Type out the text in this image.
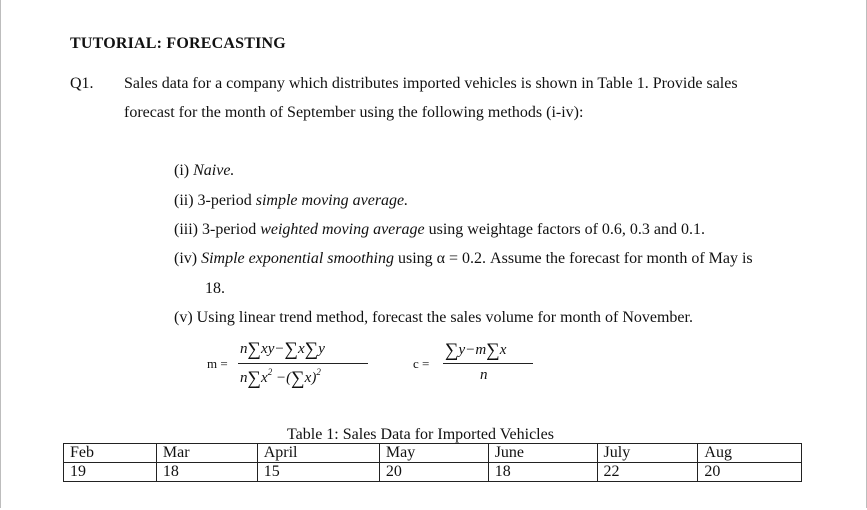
TUTORIAL: FORECASTING
Q1. Sales data for a company which distributes imported vehicles is shown in Table 1. Provide sales
forecast for the month of September using the following methods (i-iv):
(i) Naive.
(ii) 3-period simple moving average.
(iii) 3-period weighted moving average using weightage factors of 0.6, 0.3 and 0.1.
(iv) Simple exponential smoothing using α = 0.2. Assume the forecast for month of May is
18.
(v) Using linear trend method, forecast the sales volume for month of November.
m =
n∑xy−∑x∑y
$n\sum x^2 -(\sum x)^2$
c =
∑y−m∑x
n
Table 1: Sales Data for Imported Vehicles
Feb	Mar	April	May	June	July	Aug
19	18	15	20	18	22	20
